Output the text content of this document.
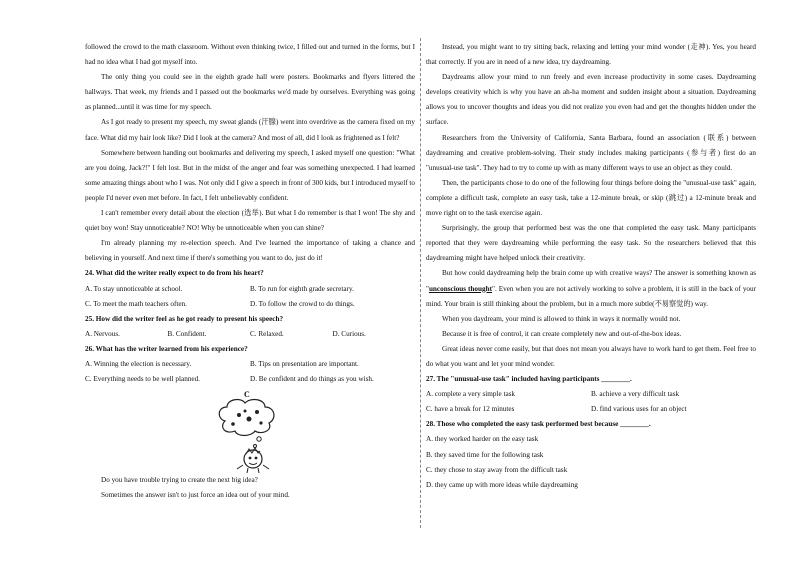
followed the crowd to the math classroom. Without even thinking twice, I filled out and turned in the forms, but I had no idea what I had got myself into.

The only thing you could see in the eighth grade hall were posters. Bookmarks and flyers littered the hallways. That week, my friends and I passed out the bookmarks we'd made by ourselves. Everything was going as planned...until it was time for my speech.

As I got ready to present my speech, my sweat glands (汗腺) went into overdrive as the camera fixed on my face. What did my hair look like? Did I look at the camera? And most of all, did I look as frightened as I felt?

Somewhere between handing out bookmarks and delivering my speech, I asked myself one question: "What are you doing, Jack?!" I felt lost. But in the midst of the anger and fear was something unexpected. I had learned some amazing things about who I was. Not only did I give a speech in front of 300 kids, but I introduced myself to people I'd never even met before. In fact, I felt unbelievably confident.

I can't remember every detail about the election (选举). But what I do remember is that I won! The shy and quiet boy won! Stay unnoticeable? NO! Why be unnoticeable when you can shine?

I'm already planning my re-election speech. And I've learned the importance of taking a chance and believing in yourself. And next time if there's something you want to do, just do it!

24. What did the writer really expect to do from his heart?

A. To stay unnoticeable at school.	B. To run for eighth grade secretary.
C. To meet the math teachers often.	D. To follow the crowd to do things.

25. How did the writer feel as he got ready to present his speech?

A. Nervous.	B. Confident.	C. Relaxed.	D. Curious.

26. What has the writer learned from his experience?

A. Winning the election is necessary.	B. Tips on presentation are important.
C. Everything needs to be well planned.	D. Be confident and do things as you wish.
C

Do you have trouble trying to create the next big idea?

Sometimes the answer isn't to just force an idea out of your mind.

Instead, you might want to try sitting back, relaxing and letting your mind wonder (走神). Yes, you heard that correctly. If you are in need of a new idea, try daydreaming.

Daydreams allow your mind to run freely and even increase productivity in some cases. Daydreaming develops creativity which is why you have an ah-ha moment and sudden insight about a situation. Daydreaming allows you to uncover thoughts and ideas you did not realize you even had and get the thoughts hidden under the surface.

Researchers from the University of California, Santa Barbara, found an association (联系) between daydreaming and creative problem-solving. Their study includes making participants (参与者) first do an "unusual-use task". They had to try to come up with as many different ways to use an object as they could.

Then, the participants chose to do one of the following four things before doing the "unusual-use task" again, complete a difficult task, complete an easy task, take a 12-minute break, or skip (跳过) a 12-minute break and move right on to the task exercise again.

Surprisingly, the group that performed best was the one that completed the easy task. Many participants reported that they were daydreaming while performing the easy task. So the researchers believed that this daydreaming might have helped unlock their creativity.

But how could daydreaming help the brain come up with creative ways? The answer is something known as "unconscious thought". Even when you are not actively working to solve a problem, it is still in the back of your mind. Your brain is still thinking about the problem, but in a much more subtle(不易察觉的) way.

When you daydream, your mind is allowed to think in ways it normally would not.

Because it is free of control, it can create completely new and out-of-the-box ideas.

Great ideas never come easily, but that does not mean you always have to work hard to get them. Feel free to do what you want and let your mind wonder.

27. The "unusual-use task" included having participants ________.

A. complete a very simple task	B. achieve a very difficult task
C. have a break for 12 minutes	D. find various uses for an object

28. Those who completed the easy task performed best because ________.

A. they worked harder on the easy task

B. they saved time for the following task

C. they chose to stay away from the difficult task

D. they came up with more ideas while daydreaming
